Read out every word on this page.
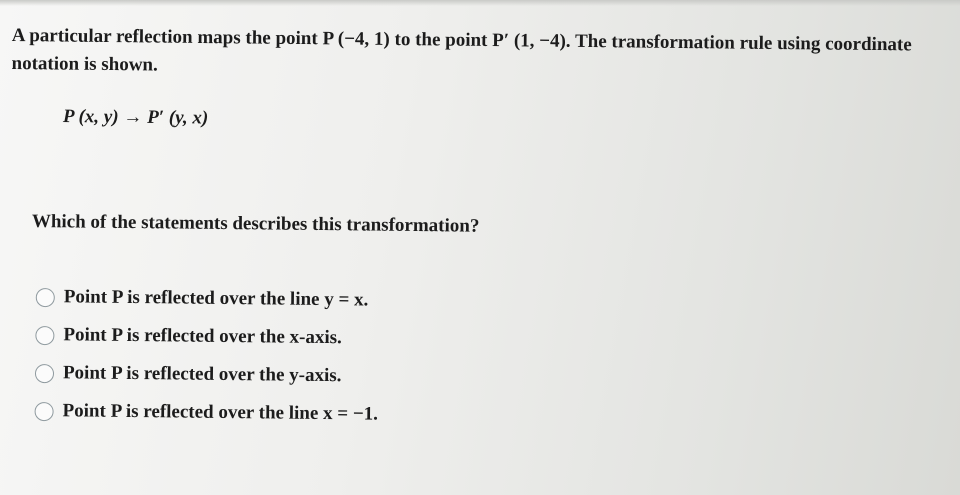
A particular reflection maps the point P (−4, 1) to the point P′ (1, −4). The transformation rule using coordinate
notation is shown.
P (x, y) → P′ (y, x)
Which of the statements describes this transformation?
Point P is reflected over the line y = x.
Point P is reflected over the x-axis.
Point P is reflected over the y-axis.
Point P is reflected over the line x = −1.
